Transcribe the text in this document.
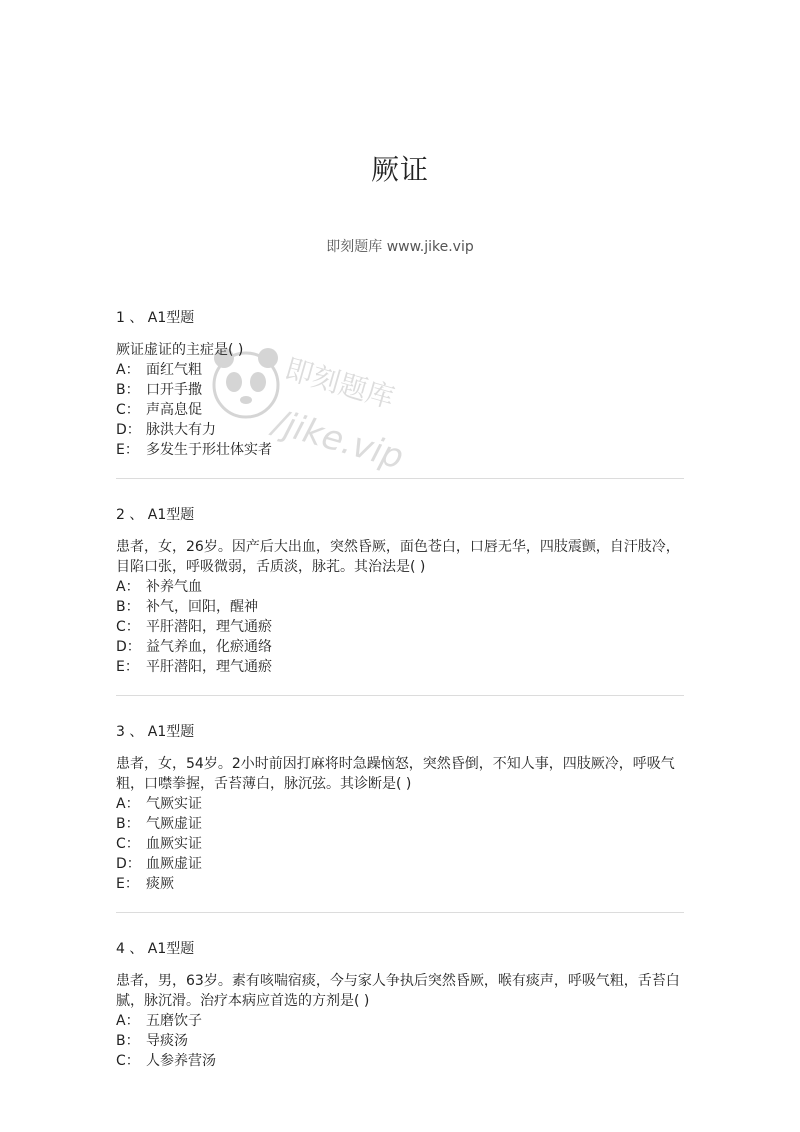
厥证
即刻题库 www.jike.vip
即刻题库
/jike.vip
1 、 A1型题
厥证虚证的主症是( )
A： 面红气粗
B： 口开手撒
C： 声高息促
D： 脉洪大有力
E： 多发生于形壮体实者
2 、 A1型题
患者，女，26岁。因产后大出血，突然昏厥，面色苍白，口唇无华，四肢震颤，自汗肢冷，目陷口张，呼吸微弱，舌质淡，脉芤。其治法是( )
A： 补养气血
B： 补气，回阳，醒神
C： 平肝潜阳，理气通瘀
D： 益气养血，化瘀通络
E： 平肝潜阳，理气通瘀
3 、 A1型题
患者，女，54岁。2小时前因打麻将时急躁恼怒，突然昏倒，不知人事，四肢厥冷，呼吸气粗，口噤拳握，舌苔薄白，脉沉弦。其诊断是( )
A： 气厥实证
B： 气厥虚证
C： 血厥实证
D： 血厥虚证
E： 痰厥
4 、 A1型题
患者，男，63岁。素有咳喘宿痰，今与家人争执后突然昏厥，喉有痰声，呼吸气粗，舌苔白腻，脉沉滑。治疗本病应首选的方剂是( )
A： 五磨饮子
B： 导痰汤
C： 人参养营汤
